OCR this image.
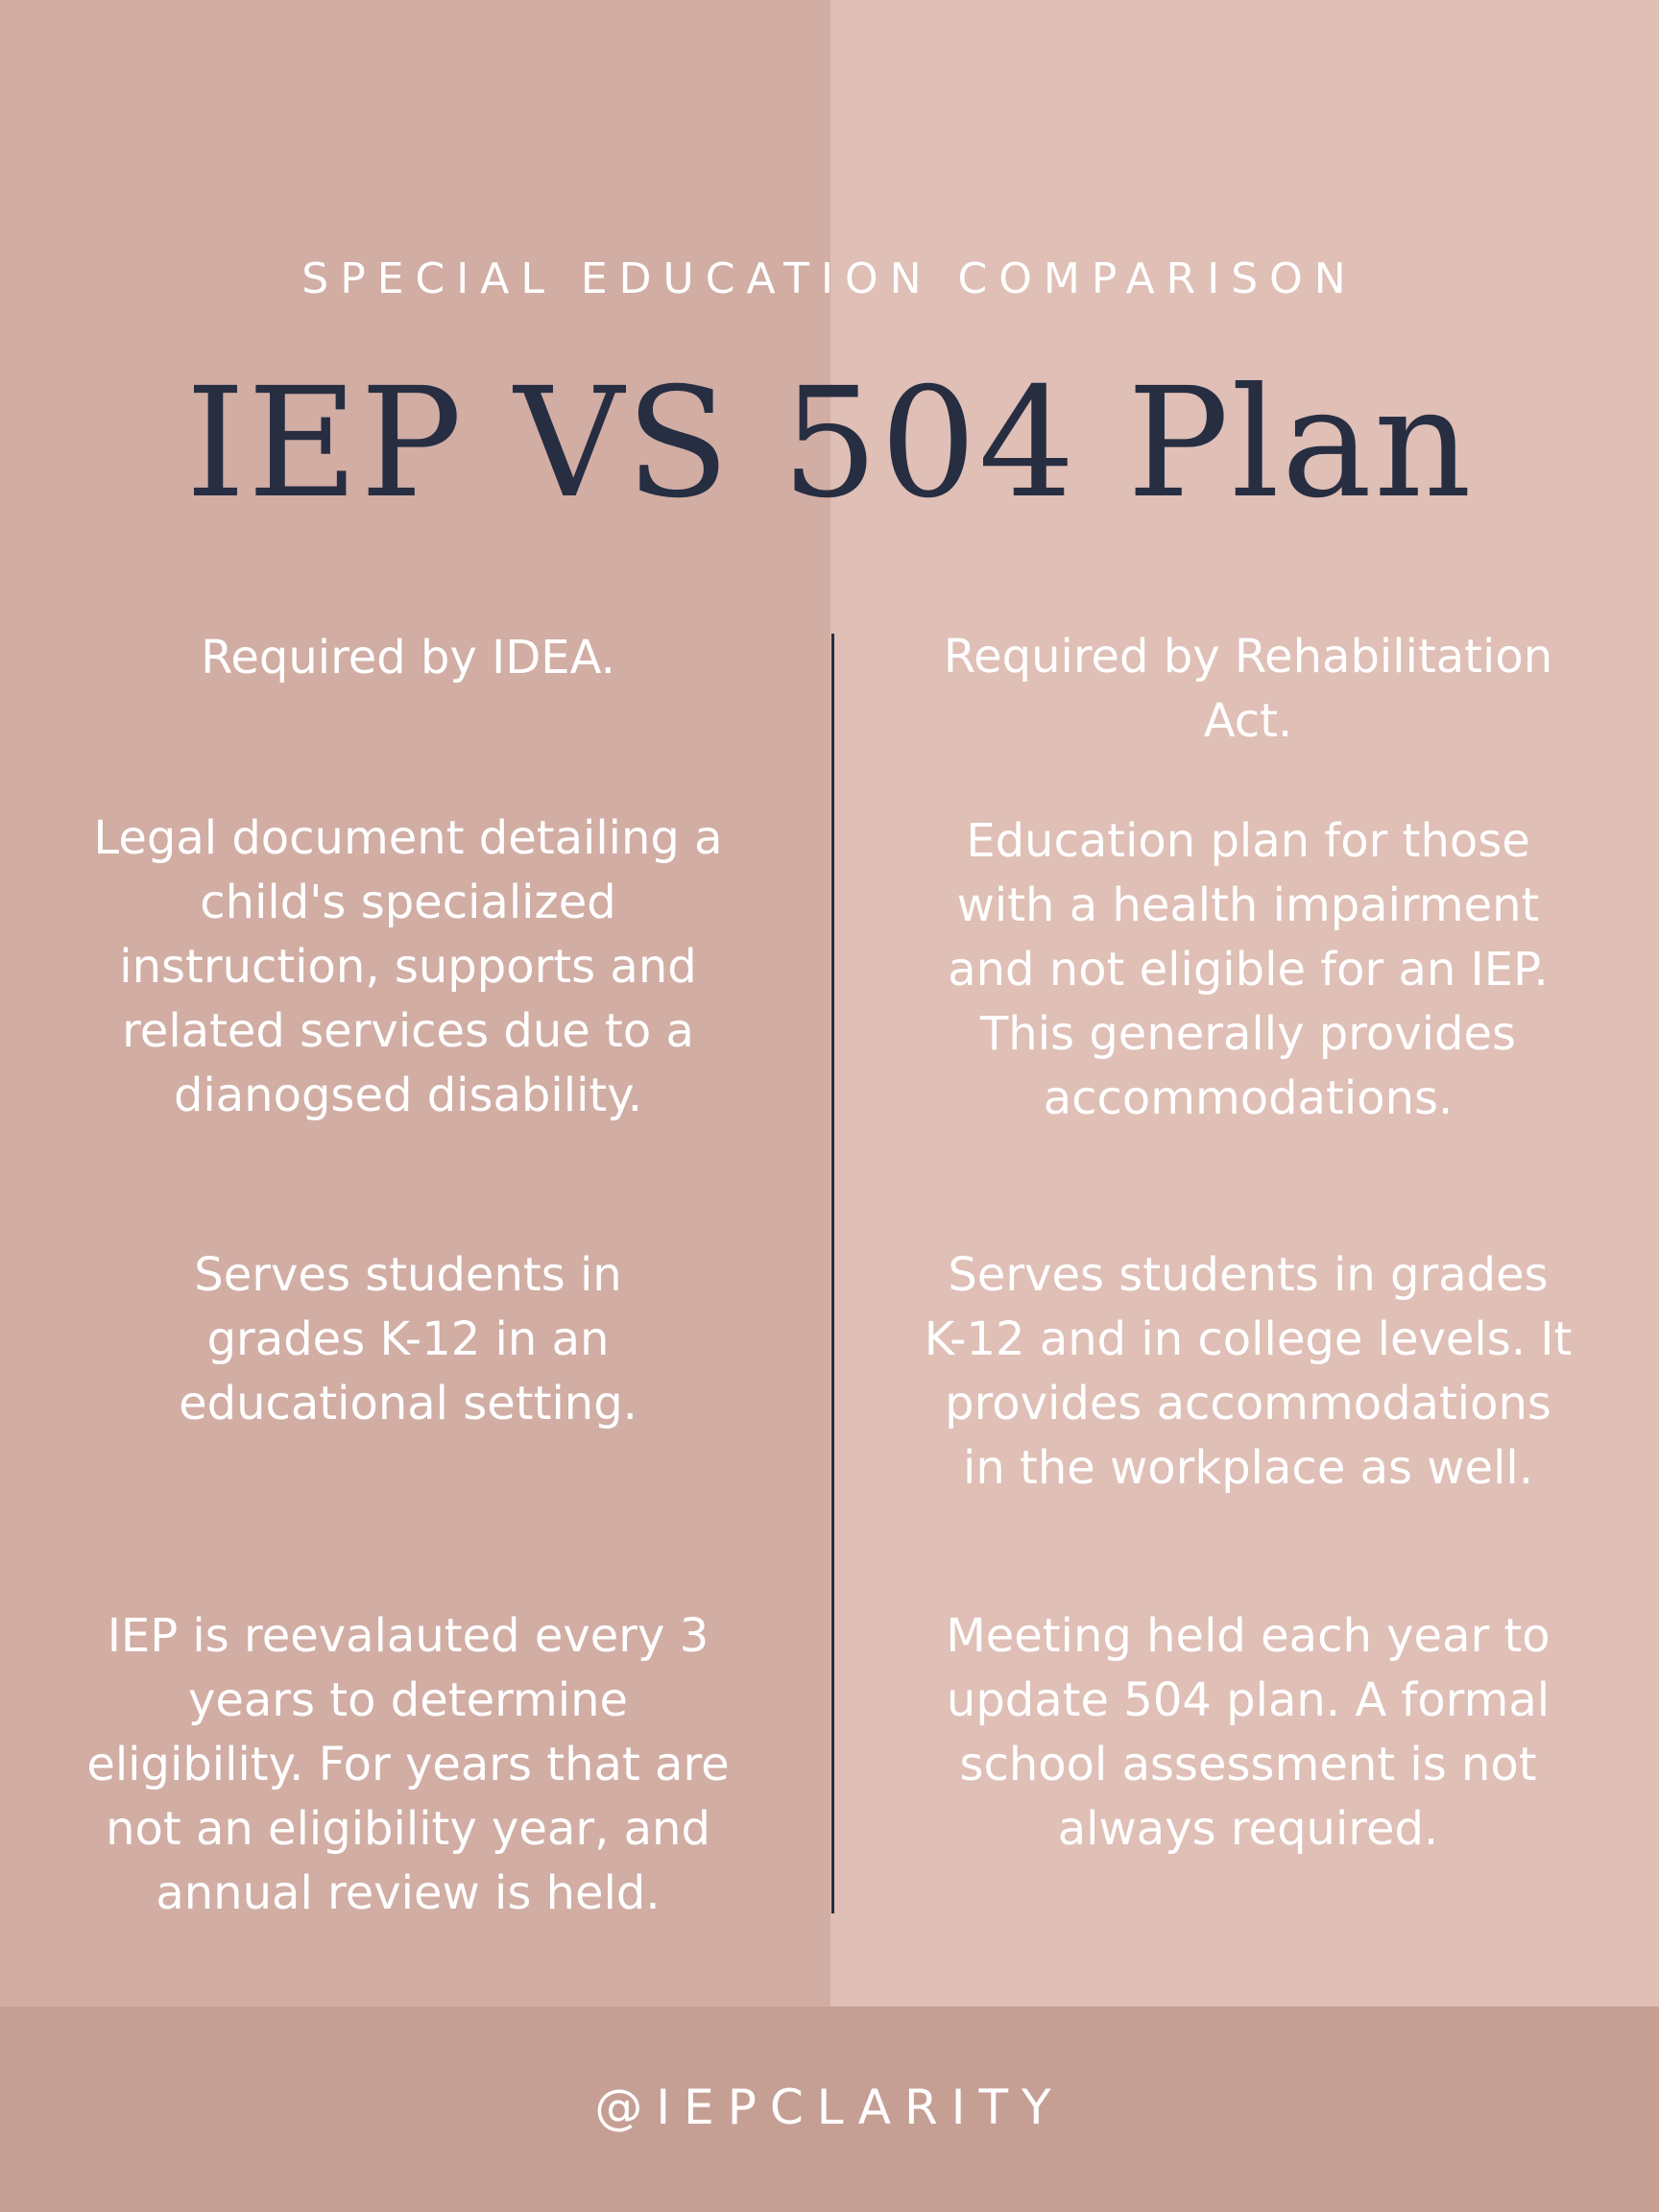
SPECIAL EDUCATION COMPARISON
IEP VS 504 Plan
Required by IDEA.
Legal document detailing a
child's specialized
instruction, supports and
related services due to a
dianogsed disability.
Serves students in
grades K-12 in an
educational setting.
IEP is reevalauted every 3
years to determine
eligibility. For years that are
not an eligibility year, and
annual review is held.
Required by Rehabilitation
Act.
Education plan for those
with a health impairment
and not eligible for an IEP.
This generally provides
accommodations.
Serves students in grades
K-12 and in college levels. It
provides accommodations
in the workplace as well.
Meeting held each year to
update 504 plan. A formal
school assessment is not
always required.
@IEPCLARITY
